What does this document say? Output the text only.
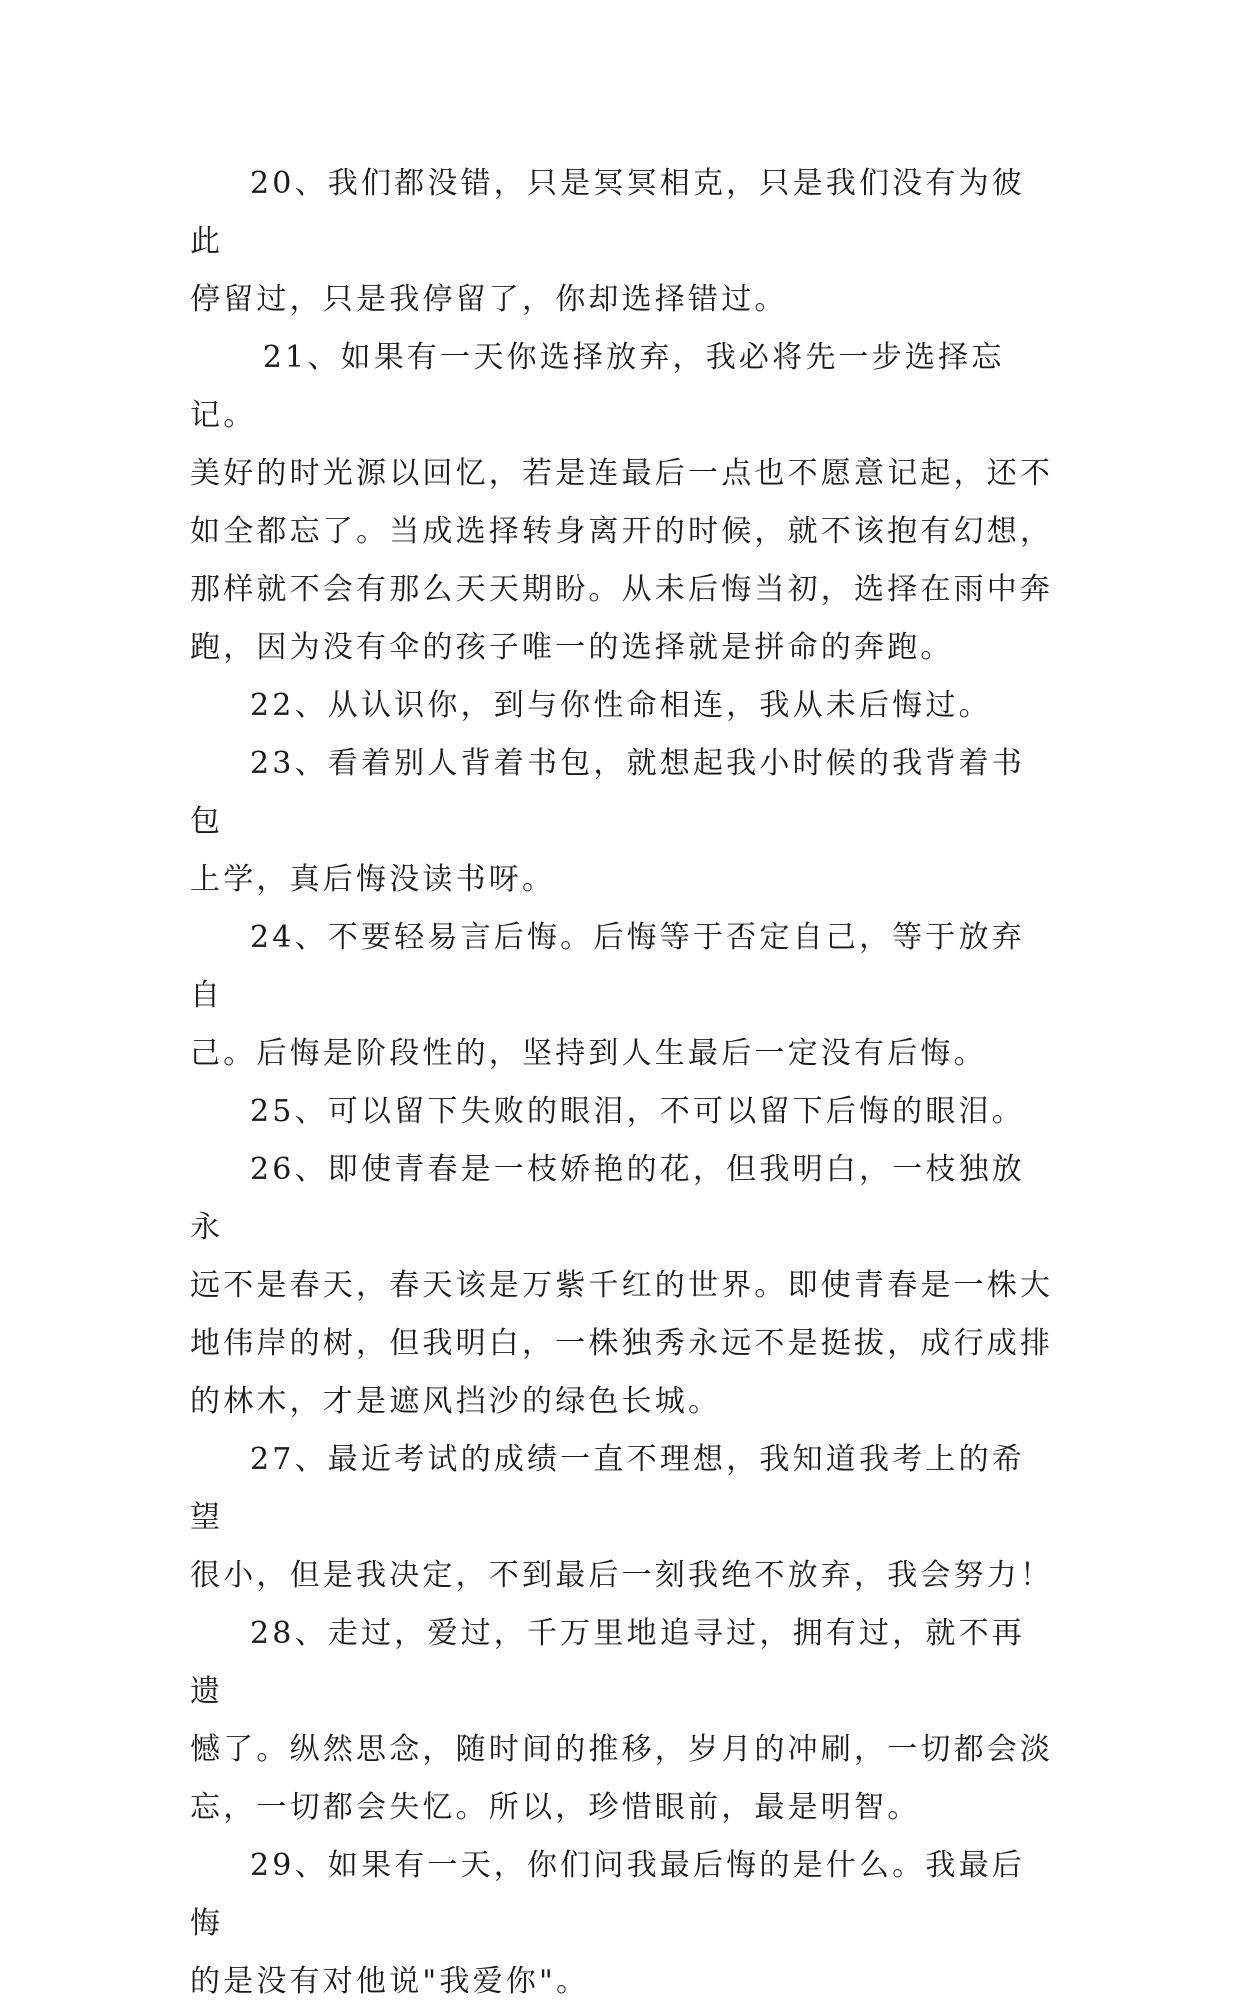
20、我们都没错，只是冥冥相克，只是我们没有为彼此
停留过，只是我停留了，你却选择错过。
21、如果有一天你选择放弃，我必将先一步选择忘记。
美好的时光源以回忆，若是连最后一点也不愿意记起，还不
如全都忘了。当成选择转身离开的时候，就不该抱有幻想，
那样就不会有那么天天期盼。从未后悔当初，选择在雨中奔
跑，因为没有伞的孩子唯一的选择就是拼命的奔跑。
22、从认识你，到与你性命相连，我从未后悔过。
23、看着别人背着书包，就想起我小时候的我背着书包
上学，真后悔没读书呀。
24、不要轻易言后悔。后悔等于否定自己，等于放弃自
己。后悔是阶段性的，坚持到人生最后一定没有后悔。
25、可以留下失败的眼泪，不可以留下后悔的眼泪。
26、即使青春是一枝娇艳的花，但我明白，一枝独放永
远不是春天，春天该是万紫千红的世界。即使青春是一株大
地伟岸的树，但我明白，一株独秀永远不是挺拔，成行成排
的林木，才是遮风挡沙的绿色长城。
27、最近考试的成绩一直不理想，我知道我考上的希望
很小，但是我决定，不到最后一刻我绝不放弃，我会努力！
28、走过，爱过，千万里地追寻过，拥有过，就不再遗
憾了。纵然思念，随时间的推移，岁月的冲刷，一切都会淡
忘，一切都会失忆。所以，珍惜眼前，最是明智。
29、如果有一天，你们问我最后悔的是什么。我最后悔
的是没有对他说"我爱你"。
